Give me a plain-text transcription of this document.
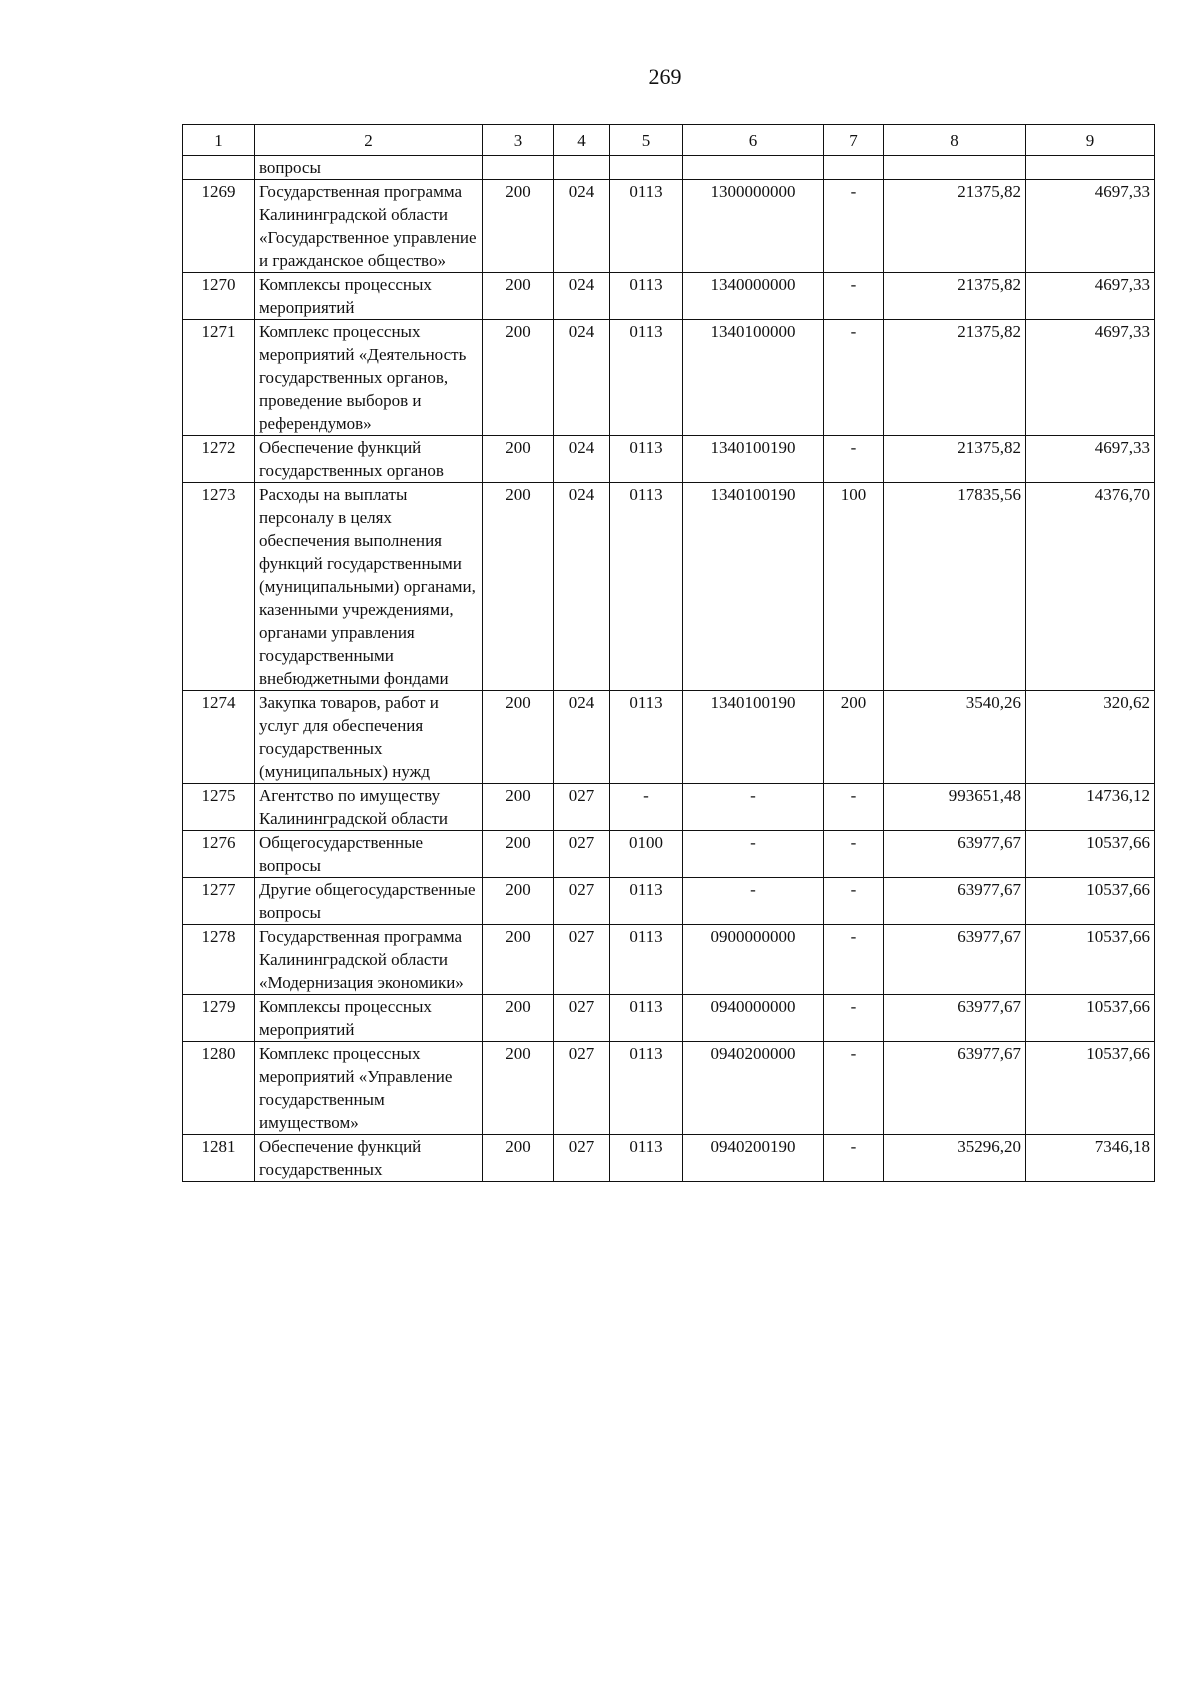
269
1	2	3	4	5	6	7	8	9
	вопросы							
1269	Государственная программа Калининградской области «Государственное управление и гражданское общество»	200	024	0113	1300000000	-	21375,82	4697,33
1270	Комплексы процессных мероприятий	200	024	0113	1340000000	-	21375,82	4697,33
1271	Комплекс процессных мероприятий «Деятельность государственных органов, проведение выборов и референдумов»	200	024	0113	1340100000	-	21375,82	4697,33
1272	Обеспечение функций государственных органов	200	024	0113	1340100190	-	21375,82	4697,33
1273	Расходы на выплаты персоналу в целях обеспечения выполнения функций государственными (муниципальными) органами, казенными учреждениями, органами управления государственными внебюджетными фондами	200	024	0113	1340100190	100	17835,56	4376,70
1274	Закупка товаров, работ и услуг для обеспечения государственных (муниципальных) нужд	200	024	0113	1340100190	200	3540,26	320,62
1275	Агентство по имуществу Калининградской области	200	027	-	-	-	993651,48	14736,12
1276	Общегосударственные вопросы	200	027	0100	-	-	63977,67	10537,66
1277	Другие общегосударственные вопросы	200	027	0113	-	-	63977,67	10537,66
1278	Государственная программа Калининградской области «Модернизация экономики»	200	027	0113	0900000000	-	63977,67	10537,66
1279	Комплексы процессных мероприятий	200	027	0113	0940000000	-	63977,67	10537,66
1280	Комплекс процессных мероприятий «Управление государственным имуществом»	200	027	0113	0940200000	-	63977,67	10537,66
1281	Обеспечение функций государственных	200	027	0113	0940200190	-	35296,20	7346,18
